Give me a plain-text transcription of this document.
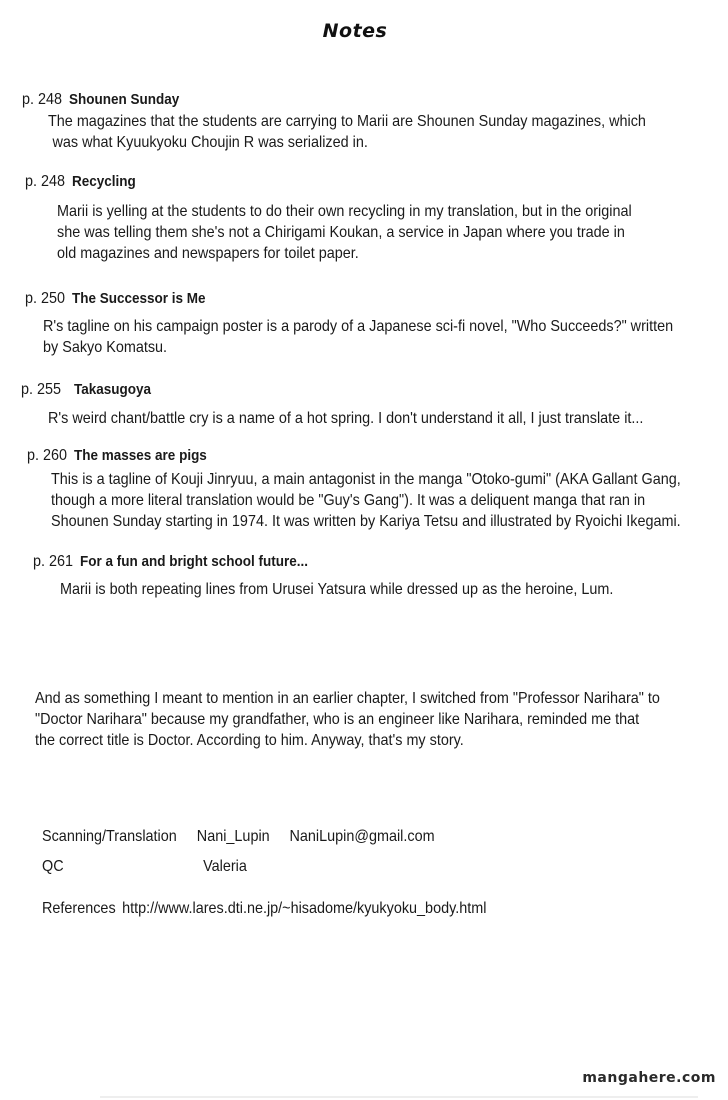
Notes
p. 248 Shounen Sunday
The magazines that the students are carrying to Marii are Shounen Sunday magazines, which
was what Kyuukyoku Choujin R was serialized in.
p. 248 Recycling
Marii is yelling at the students to do their own recycling in my translation, but in the original
she was telling them she's not a Chirigami Koukan, a service in Japan where you trade in
old magazines and newspapers for toilet paper.
p. 250 The Successor is Me
R's tagline on his campaign poster is a parody of a Japanese sci-fi novel, "Who Succeeds?" written
by Sakyo Komatsu.
p. 255 Takasugoya
R's weird chant/battle cry is a name of a hot spring. I don't understand it all, I just translate it...
p. 260 The masses are pigs
This is a tagline of Kouji Jinryuu, a main antagonist in the manga "Otoko-gumi" (AKA Gallant Gang,
though a more literal translation would be "Guy's Gang"). It was a deliquent manga that ran in
Shounen Sunday starting in 1974. It was written by Kariya Tetsu and illustrated by Ryoichi Ikegami.
p. 261 For a fun and bright school future...
Marii is both repeating lines from Urusei Yatsura while dressed up as the heroine, Lum.
And as something I meant to mention in an earlier chapter, I switched from "Professor Narihara" to
"Doctor Narihara" because my grandfather, who is an engineer like Narihara, reminded me that
the correct title is Doctor. According to him. Anyway, that's my story.
Scanning/Translation Nani_Lupin NaniLupin@gmail.com
QC	Valeria
References http://www.lares.dti.ne.jp/~hisadome/kyukyoku_body.html
mangahere.com
